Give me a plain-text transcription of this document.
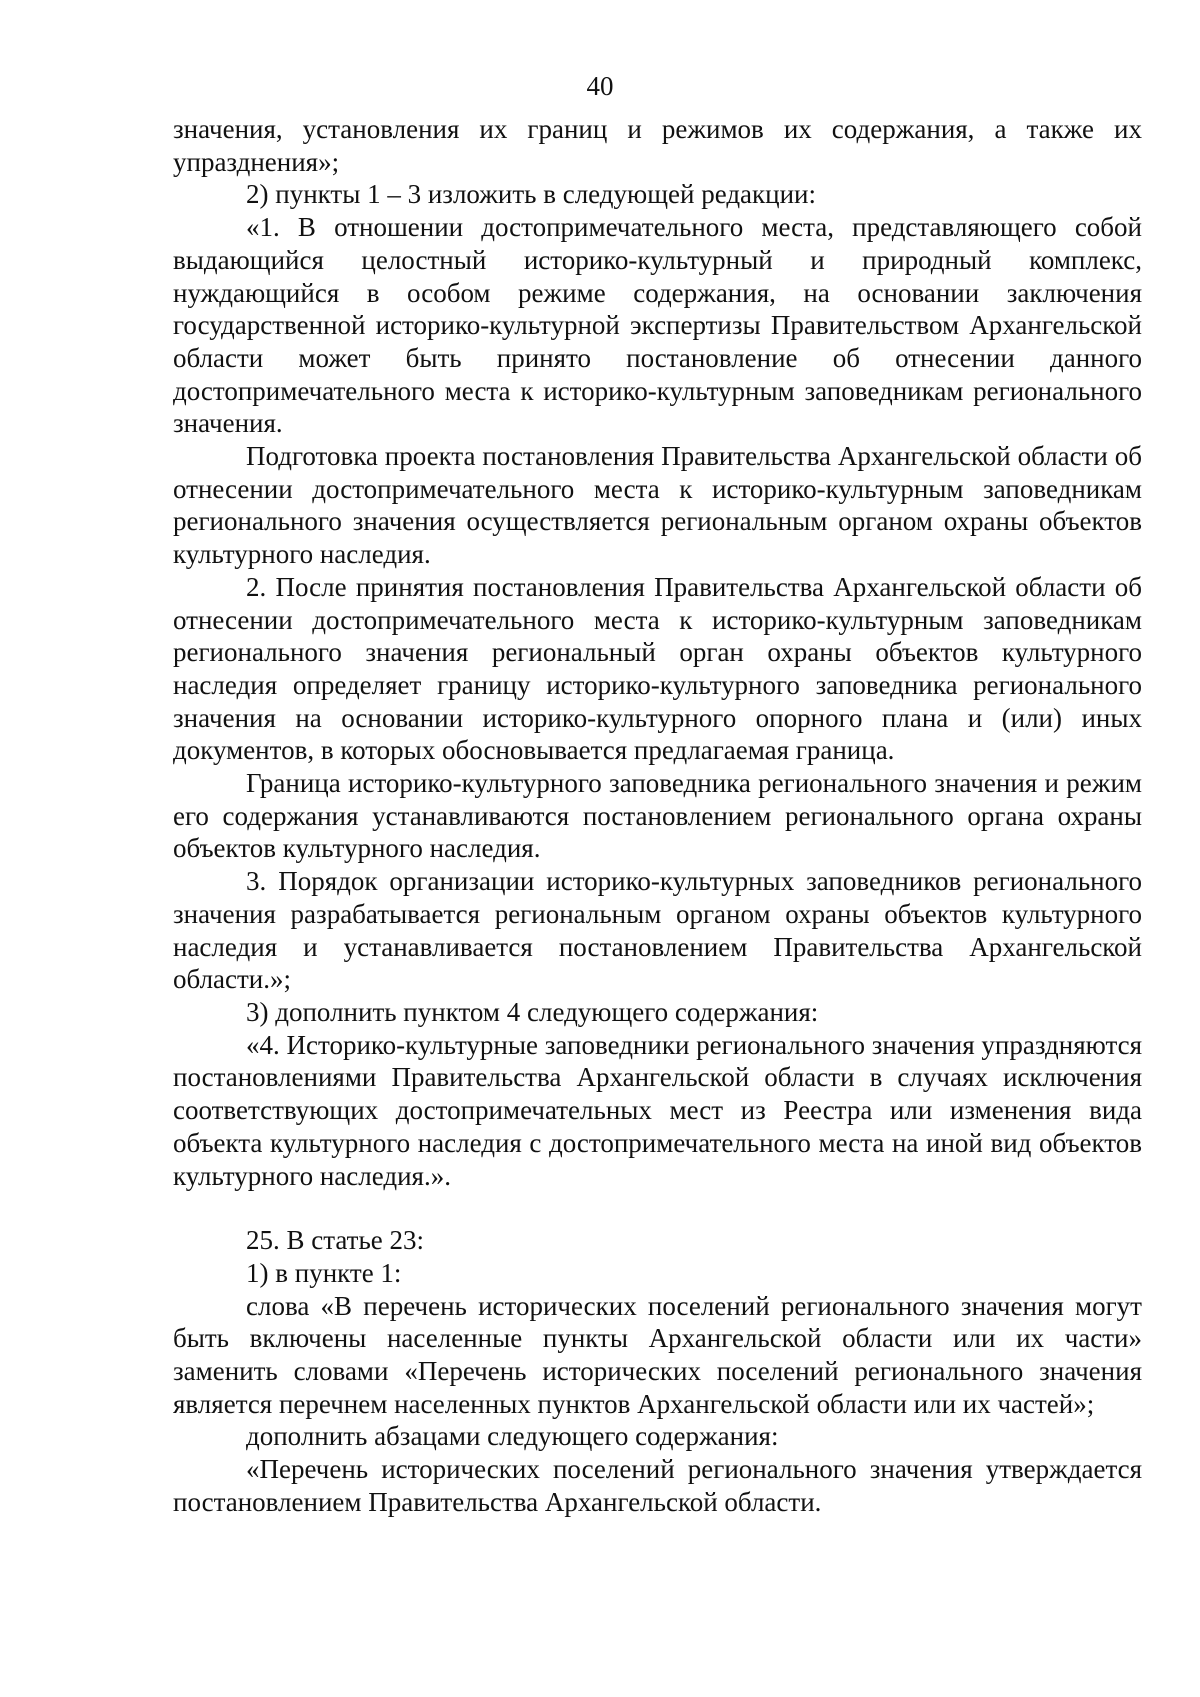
40

значения, установления их границ и режимов их содержания, а также их упразднения»;

2) пункты 1 – 3 изложить в следующей редакции:

«1. В отношении достопримечательного места, представляющего собой выдающийся целостный историко-культурный и природный комплекс, нуждающийся в особом режиме содержания, на основании заключения государственной историко-культурной экспертизы Правительством Архангельской области может быть принято постановление об отнесении данного достопримечательного места к историко-культурным заповедникам регионального значения.

Подготовка проекта постановления Правительства Архангельской области об отнесении достопримечательного места к историко-культурным заповедникам регионального значения осуществляется региональным органом охраны объектов культурного наследия.

2. После принятия постановления Правительства Архангельской области об отнесении достопримечательного места к историко-культурным заповедникам регионального значения региональный орган охраны объектов культурного наследия определяет границу историко-культурного заповедника регионального значения на основании историко-культурного опорного плана и (или) иных документов, в которых обосновывается предлагаемая граница.

Граница историко-культурного заповедника регионального значения и режим его содержания устанавливаются постановлением регионального органа охраны объектов культурного наследия.

3. Порядок организации историко-культурных заповедников регионального значения разрабатывается региональным органом охраны объектов культурного наследия и устанавливается постановлением Правительства Архангельской области.»;

3) дополнить пунктом 4 следующего содержания:

«4. Историко-культурные заповедники регионального значения упраздняются постановлениями Правительства Архангельской области в случаях исключения соответствующих достопримечательных мест из Реестра или изменения вида объекта культурного наследия с достопримечательного места на иной вид объектов культурного наследия.».

25. В статье 23:

1) в пункте 1:

слова «В перечень исторических поселений регионального значения могут быть включены населенные пункты Архангельской области или их части» заменить словами «Перечень исторических поселений регионального значения является перечнем населенных пунктов Архангельской области или их частей»;

дополнить абзацами следующего содержания:

«Перечень исторических поселений регионального значения утверждается постановлением Правительства Архангельской области.
